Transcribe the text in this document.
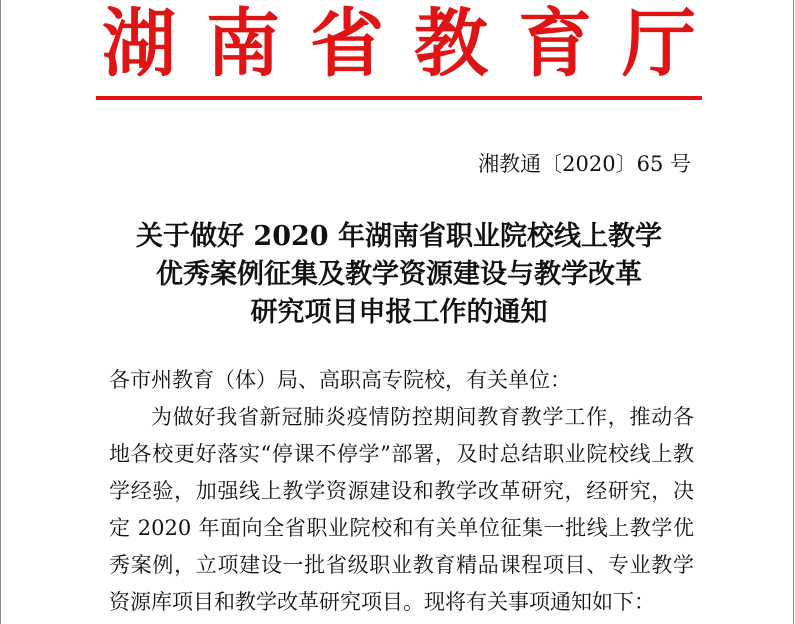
湖 南 省 教 育 厅
湘教通〔2020〕65 号
关于做好 2020 年湖南省职业院校线上教学
优秀案例征集及教学资源建设与教学改革
研究项目申报工作的通知
各市州教育（体）局、高职高专院校，有关单位：

为做好我省新冠肺炎疫情防控期间教育教学工作，推动各地各校更好落实“停课不停学”部署，及时总结职业院校线上教学经验，加强线上教学资源建设和教学改革研究，经研究，决定 2020 年面向全省职业院校和有关单位征集一批线上教学优秀案例，立项建设一批省级职业教育精品课程项目、专业教学资源库项目和教学改革研究项目。现将有关事项通知如下：
